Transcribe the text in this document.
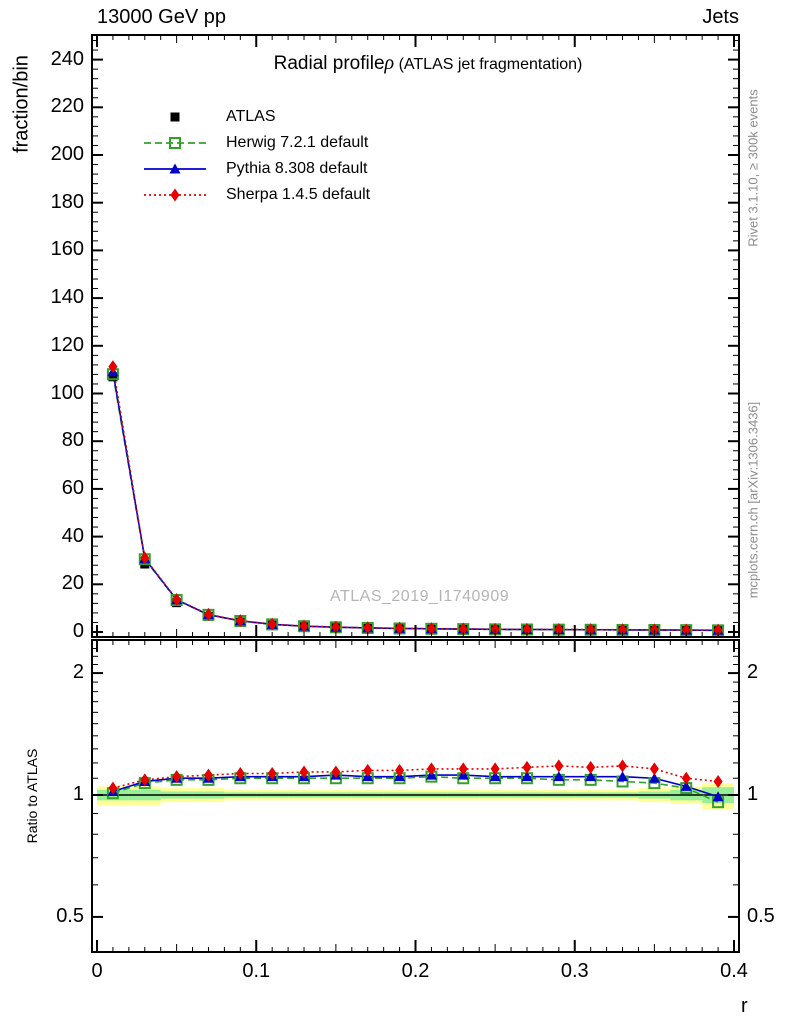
13000 GeV pp	Jets
Radial profileρ (ATLAS jet fragmentation)
ATLAS
Herwig 7.2.1 default
Pythia 8.308 default
Sherpa 1.4.5 default
fraction/bin
Ratio to ATLAS
r
Rivet 3.1.10, ≥ 300k events
mcplots.cern.ch [arXiv:1306.3436]
ATLAS_2019_I1740909
0
20
40
60
80
100
120
140
160
180
200
220
240
0.5	0.5
1	1
2	2
0	0.1	0.2	0.3	0.4
